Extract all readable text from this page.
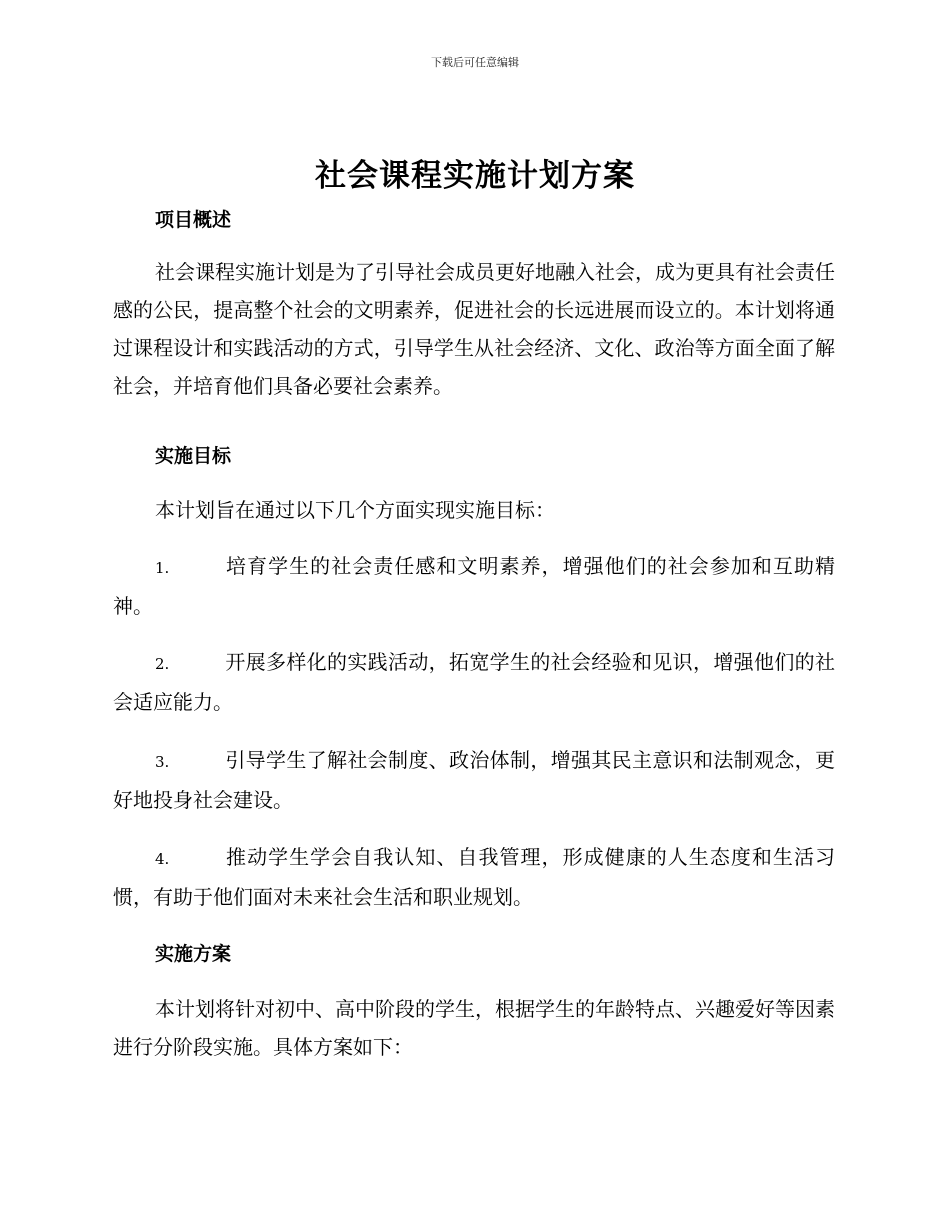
下载后可任意编辑
社会课程实施计划方案
项目概述

社会课程实施计划是为了引导社会成员更好地融入社会，成为更具有社会责任感的公民，提高整个社会的文明素养，促进社会的长远进展而设立的。本计划将通过课程设计和实践活动的方式，引导学生从社会经济、文化、政治等方面全面了解社会，并培育他们具备必要社会素养。

实施目标

本计划旨在通过以下几个方面实现实施目标：

1.	培育学生的社会责任感和文明素养，增强他们的社会参加和互助精神。

2.	开展多样化的实践活动，拓宽学生的社会经验和见识，增强他们的社会适应能力。

3.	引导学生了解社会制度、政治体制，增强其民主意识和法制观念，更好地投身社会建设。

4.	推动学生学会自我认知、自我管理，形成健康的人生态度和生活习惯，有助于他们面对未来社会生活和职业规划。

实施方案

本计划将针对初中、高中阶段的学生，根据学生的年龄特点、兴趣爱好等因素进行分阶段实施。具体方案如下：
